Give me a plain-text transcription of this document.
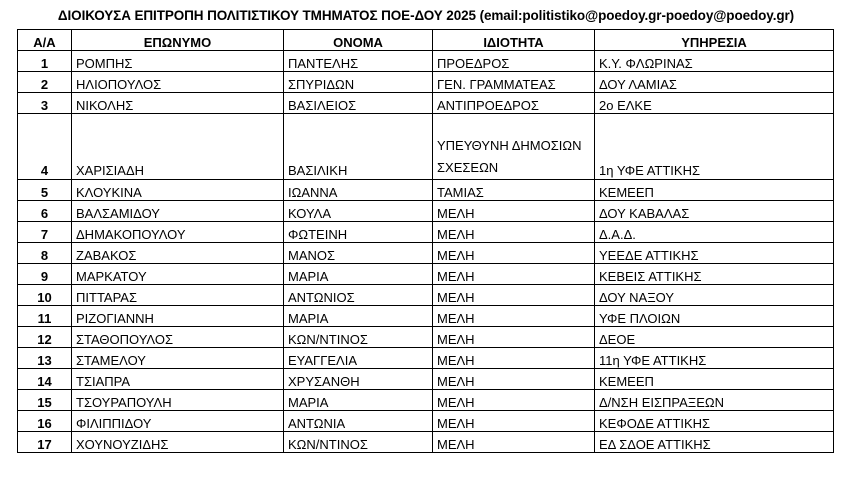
ΔΙΟΙΚΟΥΣΑ ΕΠΙΤΡΟΠΗ ΠΟΛΙΤΙΣΤΙΚΟΥ ΤΜΗΜΑΤΟΣ ΠΟΕ-ΔΟΥ 2025 (email:politistiko@poedoy.gr-poedoy@poedoy.gr)
Α/Α	ΕΠΩΝΥΜΟ	ΟΝΟΜΑ	ΙΔΙΟΤΗΤΑ	ΥΠΗΡΕΣΙΑ
1	ΡΟΜΠΗΣ	ΠΑΝΤΕΛΗΣ	ΠΡΟΕΔΡΟΣ	Κ.Υ. ΦΛΩΡΙΝΑΣ
2	ΗΛΙΟΠΟΥΛΟΣ	ΣΠΥΡΙΔΩΝ	ΓΕΝ. ΓΡΑΜΜΑΤΕΑΣ	ΔΟΥ ΛΑΜΙΑΣ
3	ΝΙΚΟΛΗΣ	ΒΑΣΙΛΕΙΟΣ	ΑΝΤΙΠΡΟΕΔΡΟΣ	2ο ΕΛΚΕ
4	ΧΑΡΙΣΙΑΔΗ	ΒΑΣΙΛΙΚΗ	ΥΠΕΥΘΥΝΗ ΔΗΜΟΣΙΩΝ ΣΧΕΣΕΩΝ	1η ΥΦΕ ΑΤΤΙΚΗΣ
5	ΚΛΟΥΚΙΝΑ	ΙΩΑΝΝΑ	ΤΑΜΙΑΣ	ΚΕΜΕΕΠ
6	ΒΑΛΣΑΜΙΔΟΥ	ΚΟΥΛΑ	ΜΕΛΗ	ΔΟΥ ΚΑΒΑΛΑΣ
7	ΔΗΜΑΚΟΠΟΥΛΟΥ	ΦΩΤΕΙΝΗ	ΜΕΛΗ	Δ.Α.Δ.
8	ΖΑΒΑΚΟΣ	ΜΑΝΟΣ	ΜΕΛΗ	ΥΕΕΔΕ ΑΤΤΙΚΗΣ
9	ΜΑΡΚΑΤΟΥ	ΜΑΡΙΑ	ΜΕΛΗ	ΚΕΒΕΙΣ ΑΤΤΙΚΗΣ
10	ΠΙΤΤΑΡΑΣ	ΑΝΤΩΝΙΟΣ	ΜΕΛΗ	ΔΟΥ ΝΑΞΟΥ
11	ΡΙΖΟΓΙΑΝΝΗ	ΜΑΡΙΑ	ΜΕΛΗ	ΥΦΕ ΠΛΟΙΩΝ
12	ΣΤΑΘΟΠΟΥΛΟΣ	ΚΩΝ/ΝΤΙΝΟΣ	ΜΕΛΗ	ΔΕΟΕ
13	ΣΤΑΜΕΛΟΥ	ΕΥΑΓΓΕΛΙΑ	ΜΕΛΗ	11η ΥΦΕ ΑΤΤΙΚΗΣ
14	ΤΣΙΑΠΡΑ	ΧΡΥΣΑΝΘΗ	ΜΕΛΗ	ΚΕΜΕΕΠ
15	ΤΣΟΥΡΑΠΟΥΛΗ	ΜΑΡΙΑ	ΜΕΛΗ	Δ/ΝΣΗ ΕΙΣΠΡΑΞΕΩΝ
16	ΦΙΛΙΠΠΙΔΟΥ	ΑΝΤΩΝΙΑ	ΜΕΛΗ	ΚΕΦΟΔΕ ΑΤΤΙΚΗΣ
17	ΧΟΥΝΟΥΖΙΔΗΣ	ΚΩΝ/ΝΤΙΝΟΣ	ΜΕΛΗ	ΕΔ ΣΔΟΕ ΑΤΤΙΚΗΣ
